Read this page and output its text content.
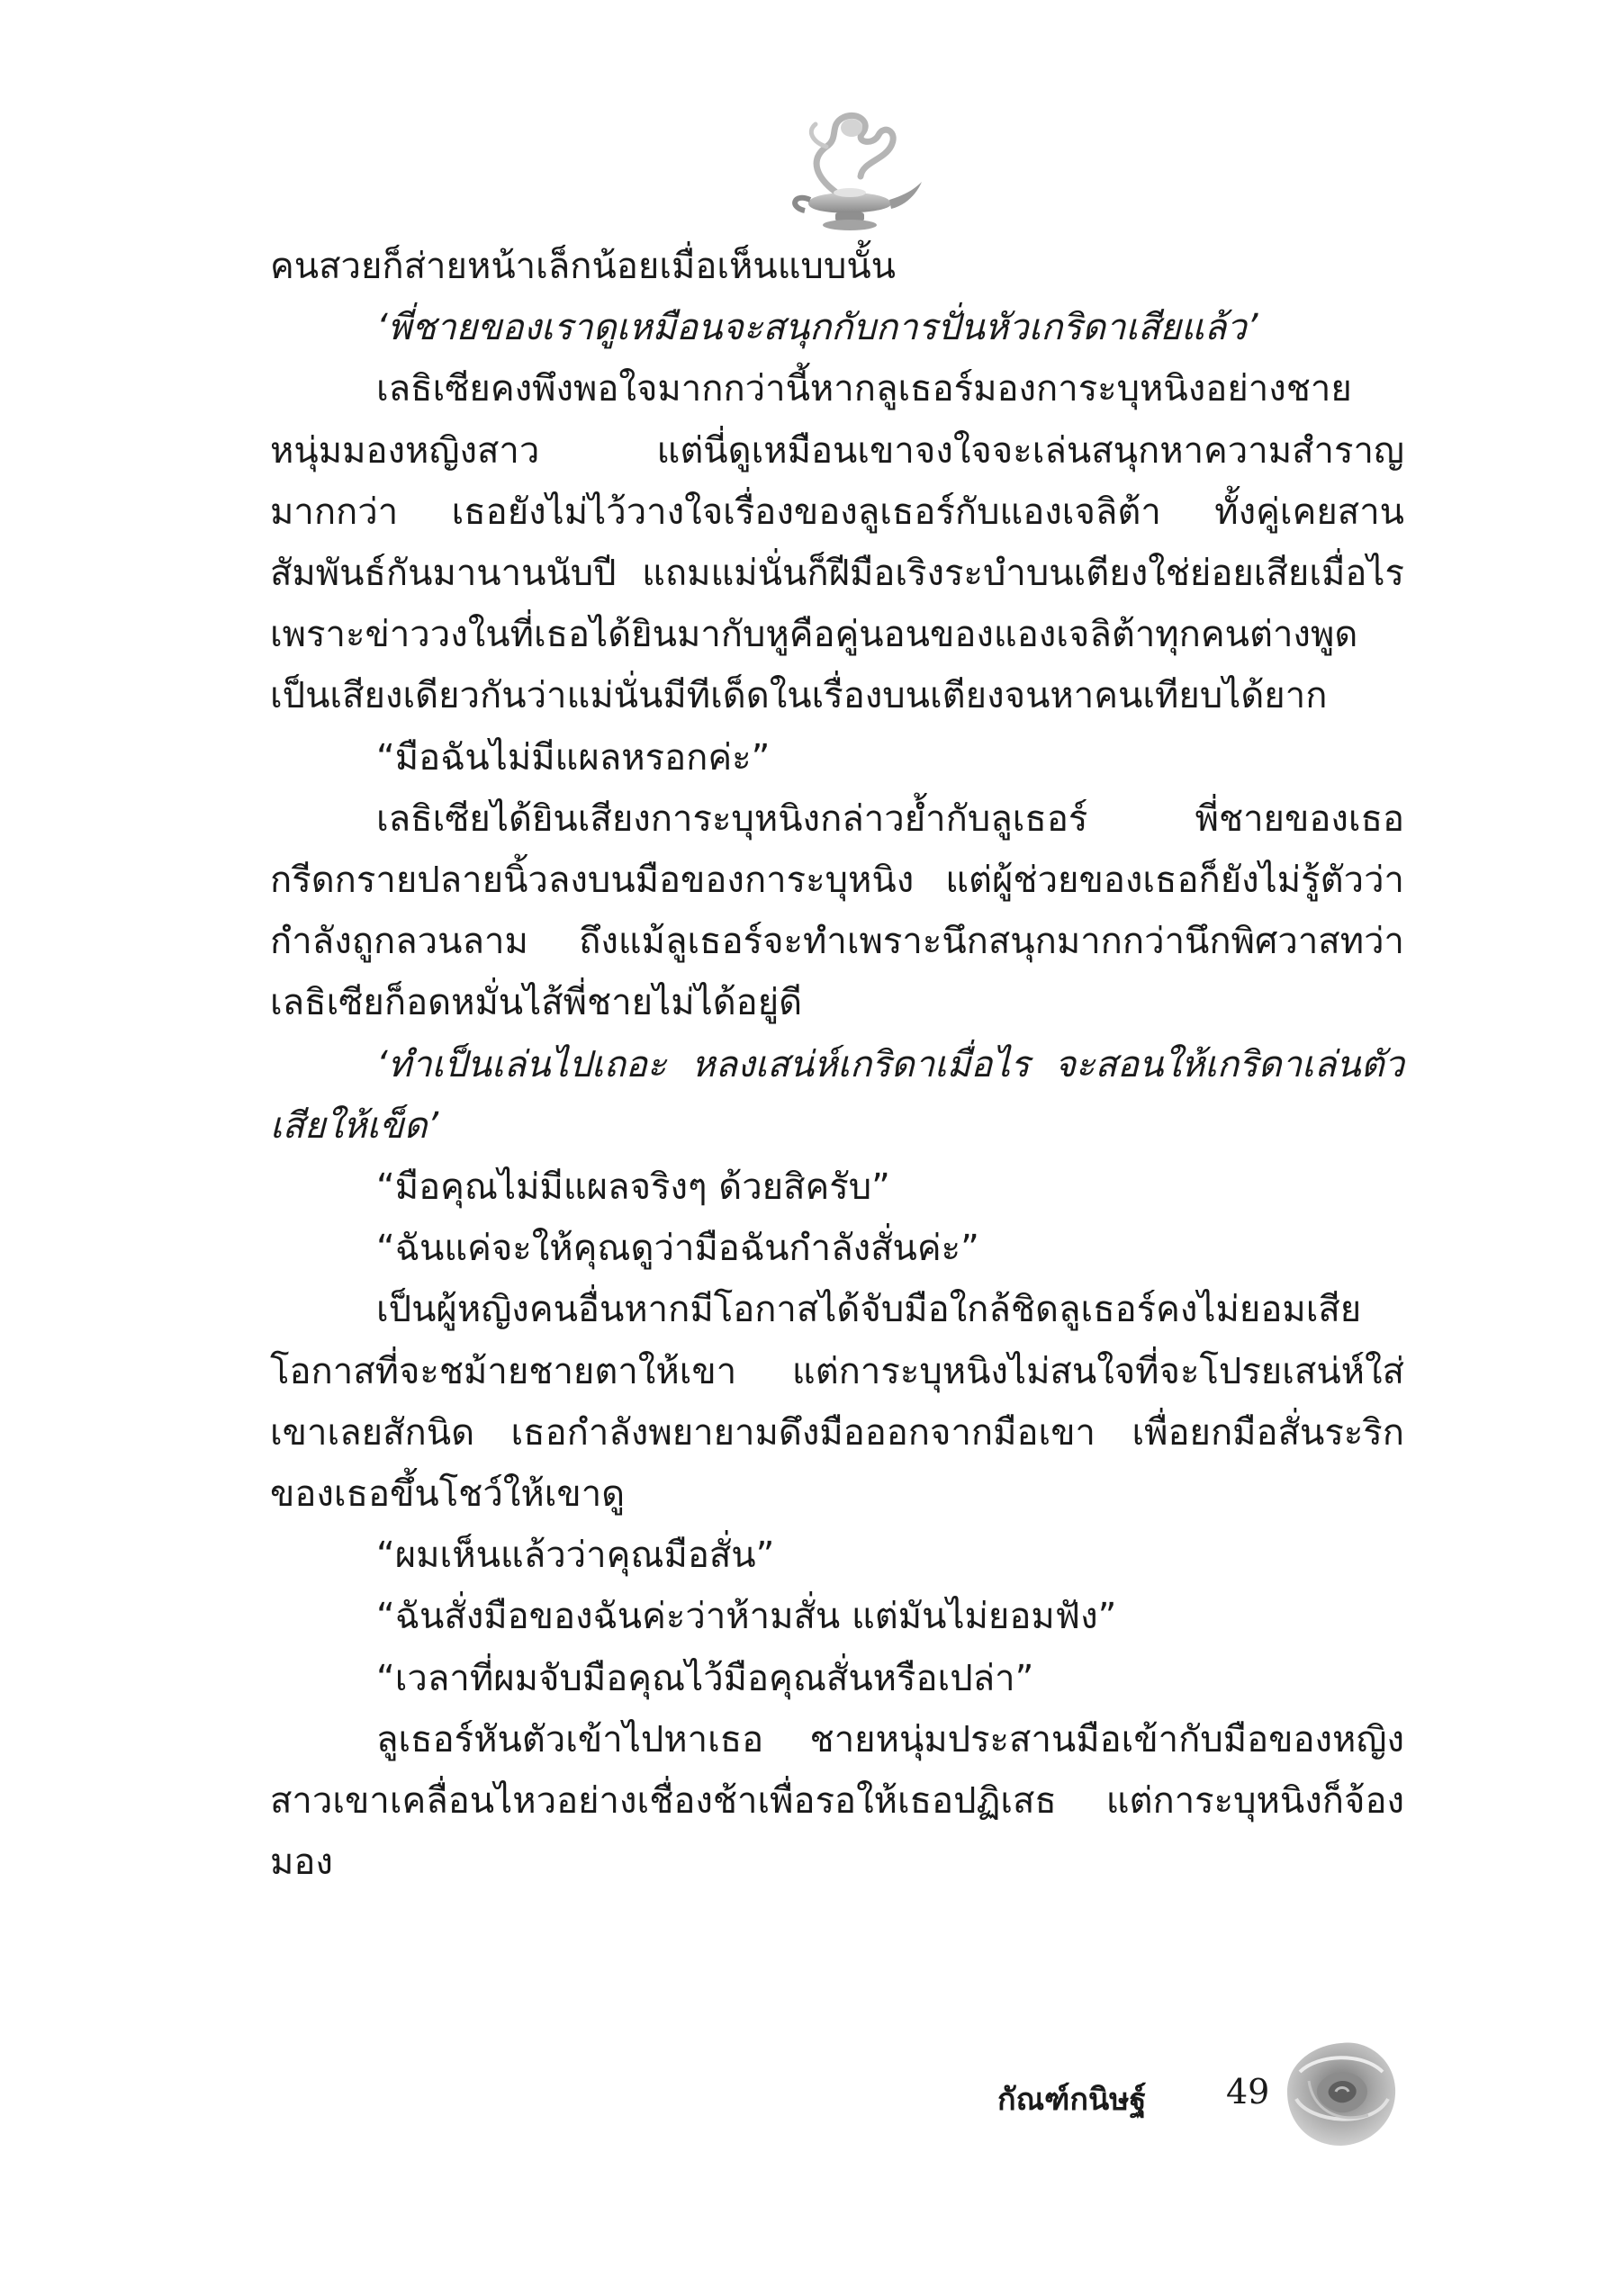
คนสวยก็ส่ายหน้าเล็กน้อยเมื่อเห็นแบบนั้น

‘พี่ชายของเราดูเหมือนจะสนุกกับการปั่นหัวเกริดาเสียแล้ว’

เลธิเซียคงพึงพอใจมากกว่านี้หากลูเธอร์มองการะบุหนิงอย่างชายหนุ่มมองหญิงสาว แต่นี่ดูเหมือนเขาจงใจจะเล่นสนุกหาความสำราญมากกว่า เธอยังไม่ไว้วางใจเรื่องของลูเธอร์กับแองเจลิต้า ทั้งคู่เคยสานสัมพันธ์กันมานานนับปี แถมแม่นั่นก็ฝีมือเริงระบำบนเตียงใช่ย่อยเสียเมื่อไร เพราะข่าววงในที่เธอได้ยินมากับหูคือคู่นอนของแองเจลิต้าทุกคนต่างพูดเป็นเสียงเดียวกันว่าแม่นั่นมีทีเด็ดในเรื่องบนเตียงจนหาคนเทียบได้ยาก

“มือฉันไม่มีแผลหรอกค่ะ”

เลธิเซียได้ยินเสียงการะบุหนิงกล่าวย้ำกับลูเธอร์ พี่ชายของเธอกรีดกรายปลายนิ้วลงบนมือของการะบุหนิง แต่ผู้ช่วยของเธอก็ยังไม่รู้ตัวว่ากำลังถูกลวนลาม ถึงแม้ลูเธอร์จะทำเพราะนึกสนุกมากกว่านึกพิศวาสทว่าเลธิเซียก็อดหมั่นไส้พี่ชายไม่ได้อยู่ดี

‘ทำเป็นเล่นไปเถอะ หลงเสน่ห์เกริดาเมื่อไร จะสอนให้เกริดาเล่นตัวเสียให้เข็ด’

“มือคุณไม่มีแผลจริงๆ ด้วยสิครับ”

“ฉันแค่จะให้คุณดูว่ามือฉันกำลังสั่นค่ะ”

เป็นผู้หญิงคนอื่นหากมีโอกาสได้จับมือใกล้ชิดลูเธอร์คงไม่ยอมเสียโอกาสที่จะชม้ายชายตาให้เขา แต่การะบุหนิงไม่สนใจที่จะโปรยเสน่ห์ใส่เขาเลยสักนิด เธอกำลังพยายามดึงมือออกจากมือเขา เพื่อยกมือสั่นระริกของเธอขึ้นโชว์ให้เขาดู

“ผมเห็นแล้วว่าคุณมือสั่น”

“ฉันสั่งมือของฉันค่ะว่าห้ามสั่น แต่มันไม่ยอมฟัง”

“เวลาที่ผมจับมือคุณไว้มือคุณสั่นหรือเปล่า”

ลูเธอร์หันตัวเข้าไปหาเธอ ชายหนุ่มประสานมือเข้ากับมือของหญิงสาวเขาเคลื่อนไหวอย่างเชื่องช้าเพื่อรอให้เธอปฏิเสธ แต่การะบุหนิงก็จ้องมอง

กัณฑ์กนิษฐ์ 49
